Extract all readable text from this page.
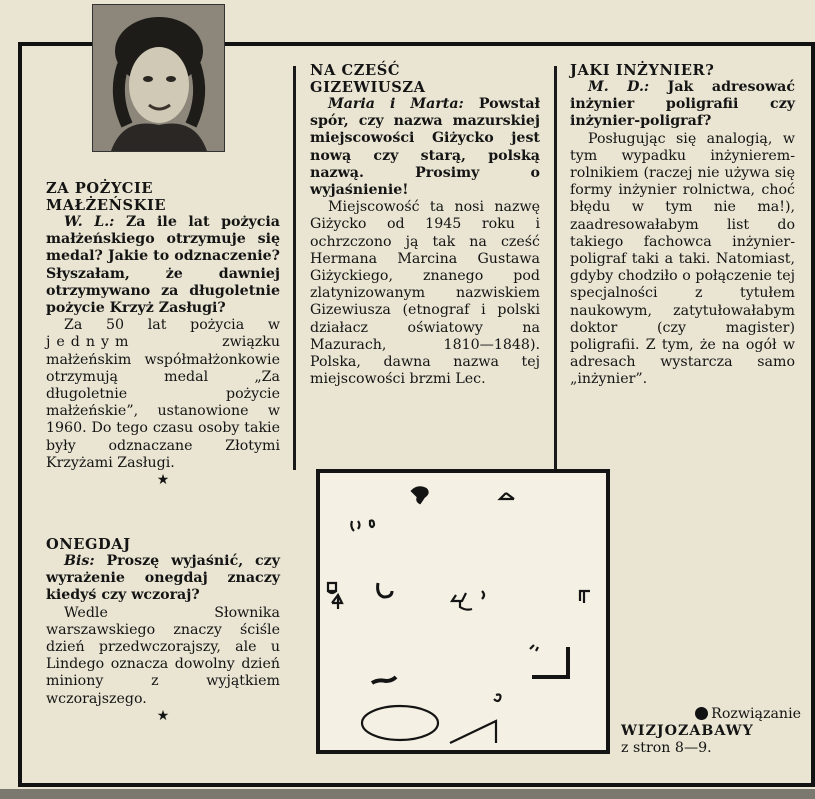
ZA POŻYCIE
MAŁŻEŃSKIE

W. L.: Za ile lat pożycia małżeńskiego otrzymuje się medal? Jakie to odznaczenie? Słyszałam, że dawniej otrzymywano za długoletnie pożycie Krzyż Zasługi?

Za 50 lat pożycia w jednym	związku małżeńskim współmałżonkowie otrzymują medal „Za długoletnie pożycie małżeńskie”, ustanowione w 1960. Do tego czasu osoby takie były odznaczane Złotymi Krzyżami Zasługi.

★
ONEGDAJ

Bis: Proszę wyjaśnić, czy wyrażenie onegdaj znaczy kiedyś czy wczoraj?

Wedle Słownika warszawskiego znaczy ściśle dzień przedwczorajszy, ale u Lindego oznacza dowolny dzień miniony z wyjątkiem wczorajszego.

★
NA CZEŚĆ
GIZEWIUSZA

Maria i Marta: Powstał spór, czy nazwa mazurskiej miejscowości Giżycko jest nową czy starą, polską nazwą. Prosimy o wyjaśnienie!

Miejscowość ta nosi nazwę Giżycko od 1945 roku i ochrzczono ją tak na cześć Hermana Marcina Gustawa Giżyckiego, znanego pod zlatynizowanym nazwiskiem Gizewiusza (etnograf i polski działacz oświatowy na Mazurach, 1810—1848). Polska, dawna nazwa tej miejscowości brzmi Lec.

JAKI INŻYNIER?

M. D.: Jak adresować inżynier poligrafii czy inżynier-poligraf?

Posługując się analogią, w tym wypadku inżynierem-rolnikiem (raczej nie używa się formy inżynier rolnictwa, choć błędu w tym nie ma!), zaadresowałabym list do takiego fachowca inżynier-poligraf taki a taki. Natomiast, gdyby chodziło o połączenie tej specjalności z tytułem naukowym, zatytułowałabym doktor (czy magister) poligrafii. Z tym, że na ogół w adresach wystarcza samo „inżynier”.

Rozwiązanie
WIZJOZABAWY
z stron 8—9.
